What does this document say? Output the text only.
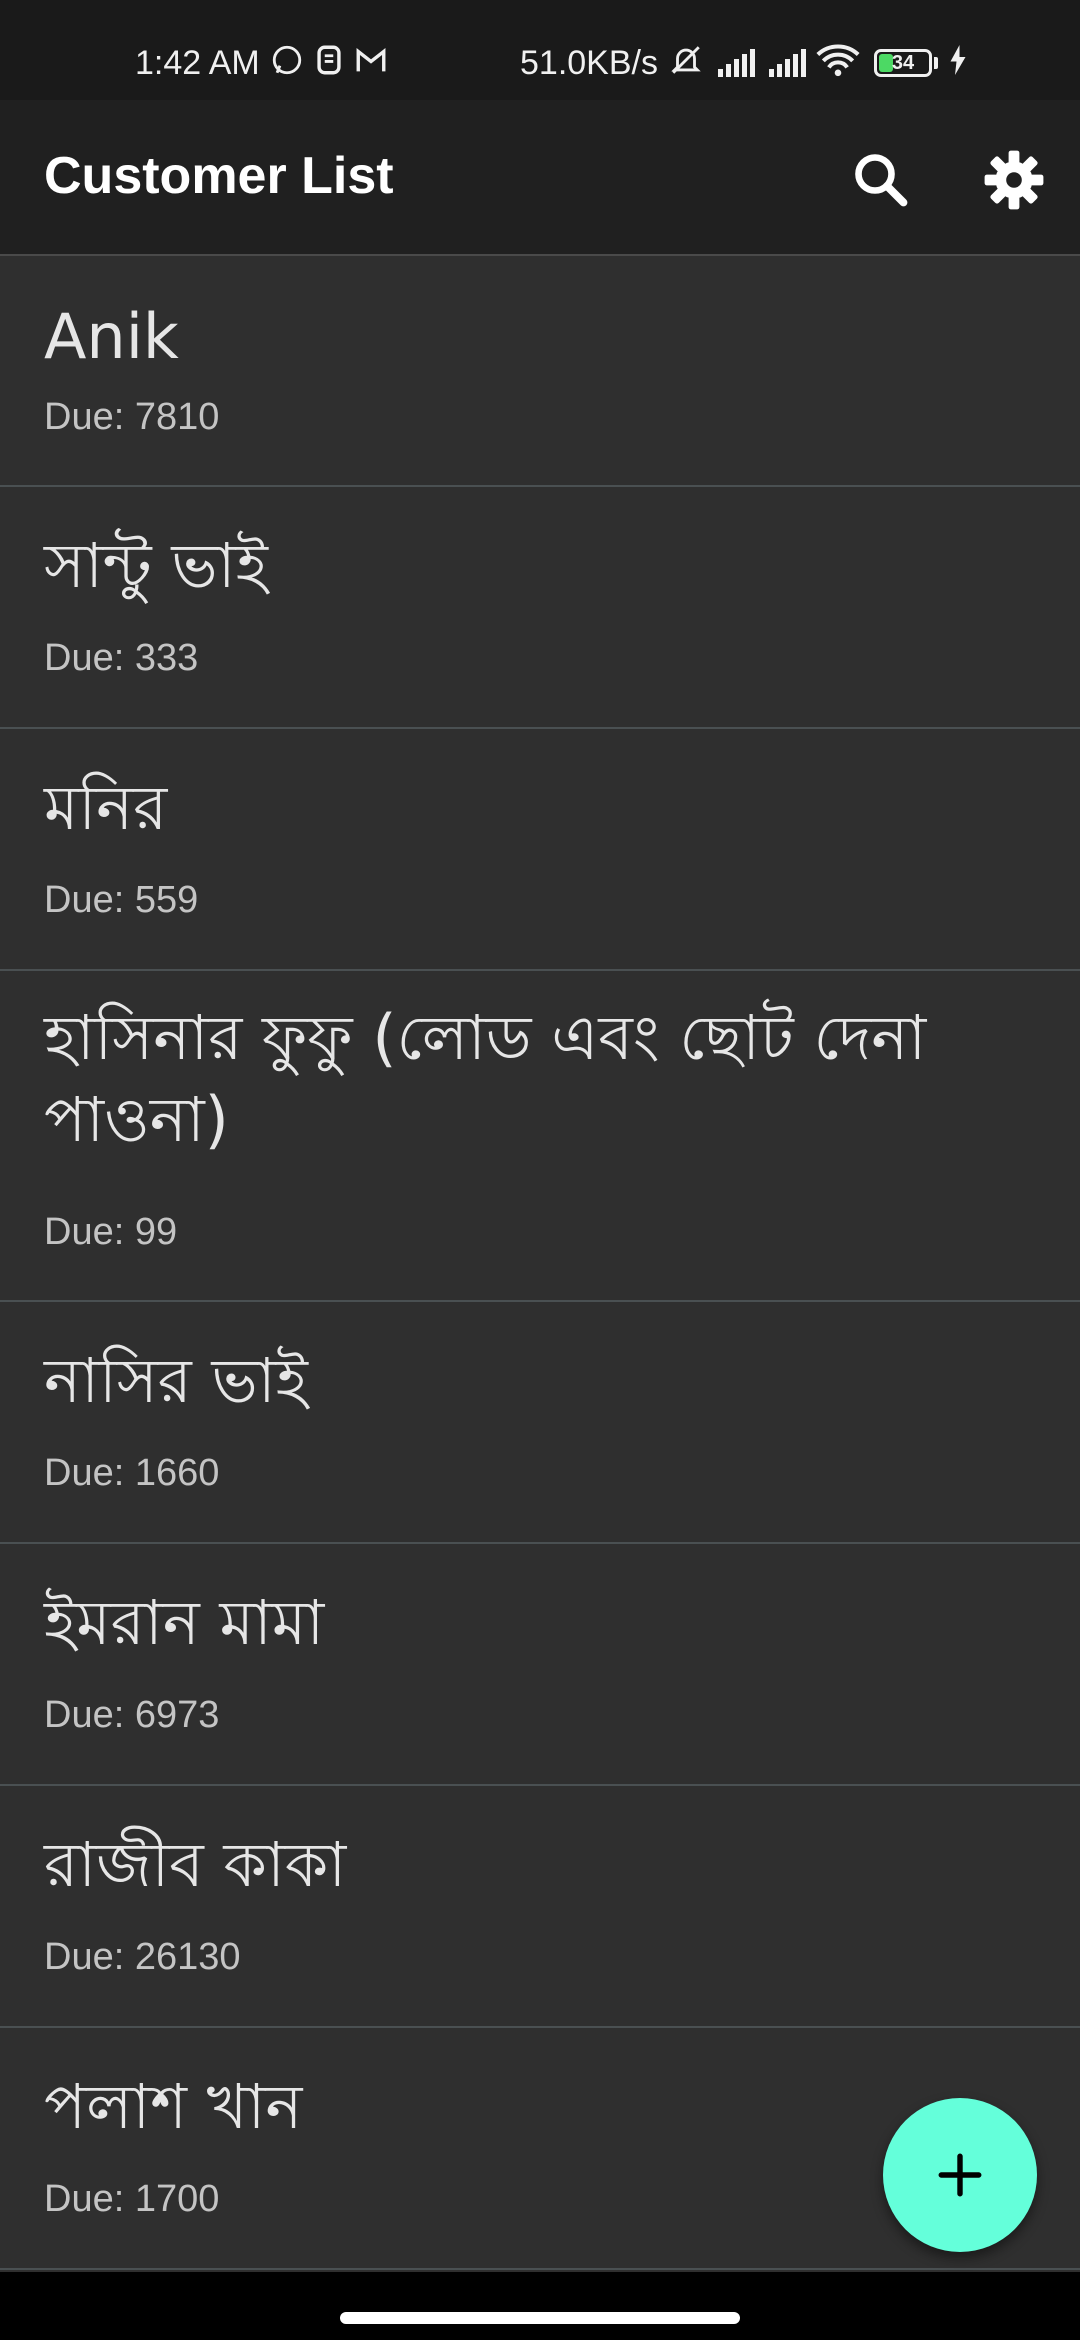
1:42 AM	51.0KB/s	34
Customer List
Anik
Due: 7810
সান্টু ভাই
Due: 333
মনির
Due: 559
হাসিনার ফুফু (লোড এবং ছোট দেনা পাওনা)
Due: 99
নাসির ভাই
Due: 1660
ইমরান মামা
Due: 6973
রাজীব কাকা
Due: 26130
পলাশ খান
Due: 1700
